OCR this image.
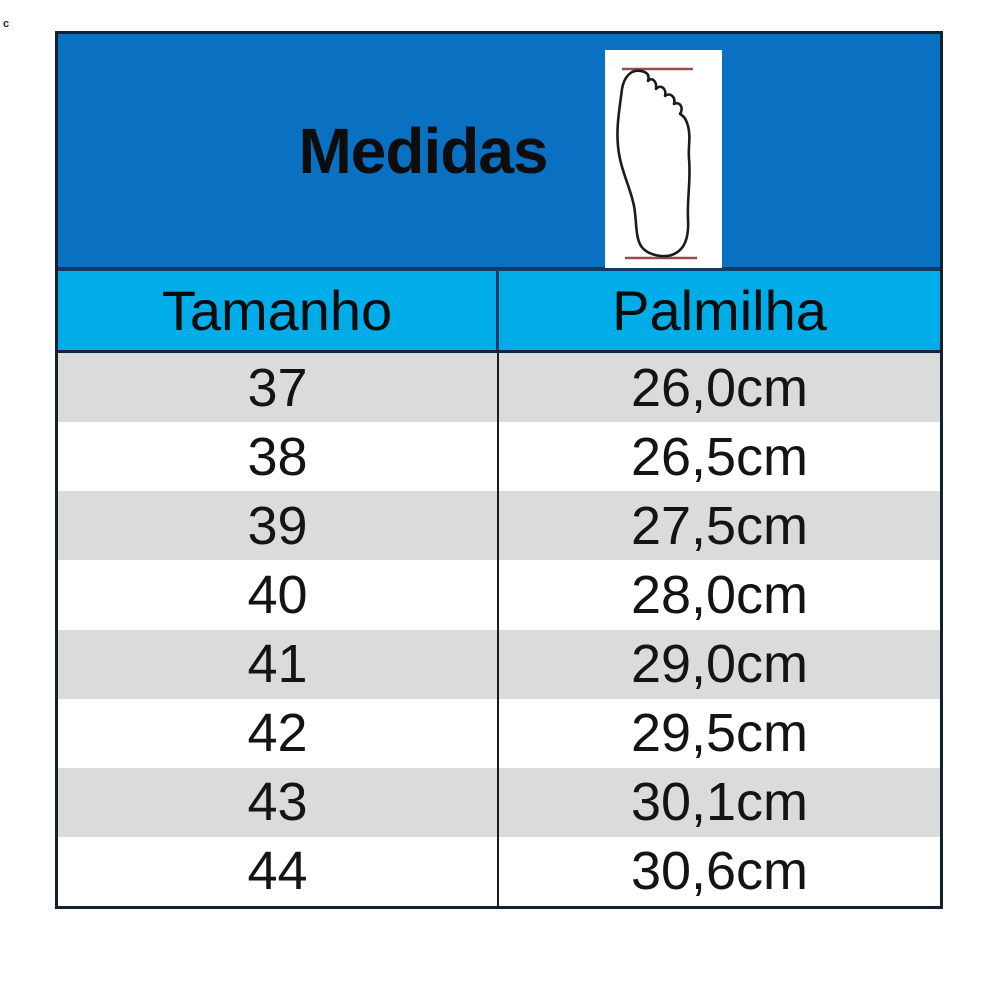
c
Medidas
Tamanho	Palmilha
37	26,0cm
38	26,5cm
39	27,5cm
40	28,0cm
41	29,0cm
42	29,5cm
43	30,1cm
44	30,6cm
